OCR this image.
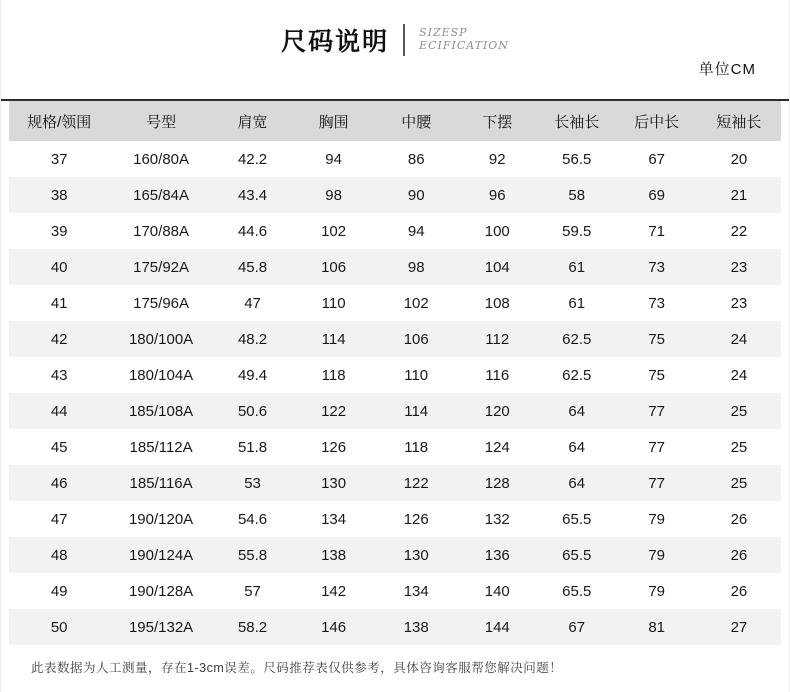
尺码说明	SIZESP
ECIFICATION
单位CM
规格/领围	号型	肩宽	胸围	中腰	下摆	长袖长	后中长	短袖长
37	160/80A	42.2	94	86	92	56.5	67	20
38	165/84A	43.4	98	90	96	58	69	21
39	170/88A	44.6	102	94	100	59.5	71	22
40	175/92A	45.8	106	98	104	61	73	23
41	175/96A	47	110	102	108	61	73	23
42	180/100A	48.2	114	106	112	62.5	75	24
43	180/104A	49.4	118	110	116	62.5	75	24
44	185/108A	50.6	122	114	120	64	77	25
45	185/112A	51.8	126	118	124	64	77	25
46	185/116A	53	130	122	128	64	77	25
47	190/120A	54.6	134	126	132	65.5	79	26
48	190/124A	55.8	138	130	136	65.5	79	26
49	190/128A	57	142	134	140	65.5	79	26
50	195/132A	58.2	146	138	144	67	81	27
此表数据为人工测量，存在1-3cm误差。尺码推荐表仅供参考，具体咨询客服帮您解决问题！
